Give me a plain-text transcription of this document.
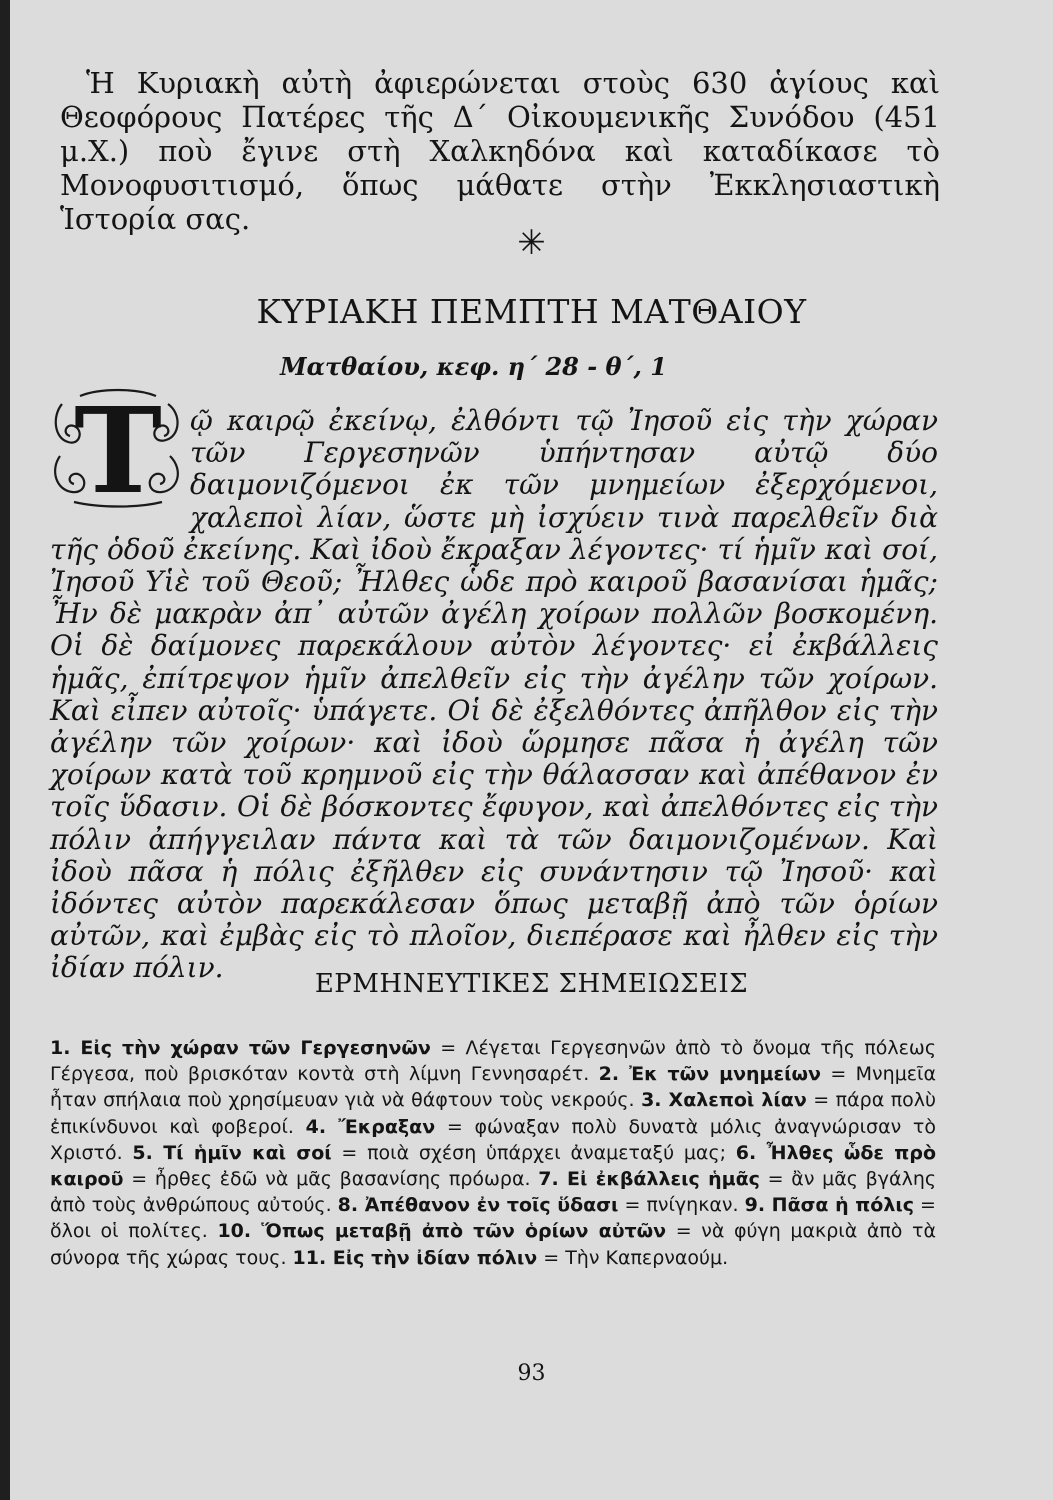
Ἡ Κυριακὴ αὐτὴ ἀφιερώνεται στοὺς 630 ἁγίους καὶ Θεοφόρους Πατέρες τῆς Δ΄ Οἰκουμενικῆς Συνόδου (451 μ.Χ.) ποὺ ἔγινε στὴ Χαλκηδόνα καὶ καταδίκασε τὸ Μονοφυσιτισμό, ὅπως μάθατε στὴν Ἐκκλησιαστικὴ Ἱστορία σας.

✳
ΚΥΡΙΑΚΗ ΠΕΜΠΤΗ ΜΑΤΘΑΙΟΥ
Ματθαίου, κεφ. η΄ 28 - θ΄, 1
Τ	ῷ καιρῷ ἐκείνῳ, ἐλθόντι τῷ Ἰησοῦ εἰς τὴν χώραν τῶν Γεργεσηνῶν ὑπήντησαν αὐτῷ δύο δαιμονιζόμενοι ἐκ τῶν μνημείων ἐξερχόμενοι, χαλεποὶ λίαν, ὥστε μὴ ἰσχύειν τινὰ παρελθεῖν διὰ τῆς ὁδοῦ ἐκείνης. Καὶ ἰδοὺ ἔκραξαν λέγοντες· τί ἡμῖν καὶ σοί, Ἰησοῦ Υἱὲ τοῦ Θεοῦ; Ἦλθες ὧδε πρὸ καιροῦ βασανίσαι ἡμᾶς; Ἦν δὲ μακρὰν ἀπ᾽ αὐτῶν ἀγέλη χοίρων πολλῶν βοσκομένη. Οἱ δὲ δαίμονες παρεκάλουν αὐτὸν λέγοντες· εἰ ἐκβάλλεις ἡμᾶς, ἐπίτρεψον ἡμῖν ἀπελθεῖν εἰς τὴν ἀγέλην τῶν χοίρων. Καὶ εἶπεν αὐτοῖς· ὑπάγετε. Οἱ δὲ ἐξελθόντες ἀπῆλθον εἰς τὴν ἀγέλην τῶν χοίρων· καὶ ἰδοὺ ὥρμησε πᾶσα ἡ ἀγέλη τῶν χοίρων κατὰ τοῦ κρημνοῦ εἰς τὴν θάλασσαν καὶ ἀπέθανον ἐν τοῖς ὕδασιν. Οἱ δὲ βόσκοντες ἔφυγον, καὶ ἀπελθόντες εἰς τὴν πόλιν ἀπήγγειλαν πάντα καὶ τὰ τῶν δαιμονιζομένων. Καὶ ἰδοὺ πᾶσα ἡ πόλις ἐξῆλθεν εἰς συνάντησιν τῷ Ἰησοῦ· καὶ ἰδόντες αὐτὸν παρεκάλεσαν ὅπως μεταβῇ ἀπὸ τῶν ὁρίων αὐτῶν, καὶ ἐμβὰς εἰς τὸ πλοῖον, διεπέρασε καὶ ἦλθεν εἰς τὴν ἰδίαν πόλιν.	ΕΡΜΗΝΕΥΤΙΚΕΣ ΣΗΜΕΙΩΣΕΙΣ

1. Εἰς τὴν χώραν τῶν Γεργεσηνῶν = Λέγεται Γεργεσηνῶν ἀπὸ τὸ ὄνομα τῆς πόλεως Γέργεσα, ποὺ βρισκόταν κοντὰ στὴ λίμνη Γεννησαρέτ. 2. Ἐκ τῶν μνημείων = Μνημεῖα ἦταν σπήλαια ποὺ χρησίμευαν γιὰ νὰ θάφτουν τοὺς νεκρούς. 3. Χαλεποὶ λίαν = πάρα πολὺ ἐπικίνδυνοι καὶ φοβεροί. 4. Ἔκραξαν = φώναξαν πολὺ δυνατὰ μόλις ἀναγνώρισαν τὸ Χριστό. 5. Τί ἡμῖν καὶ σοί = ποιὰ σχέση ὑπάρχει ἀναμεταξύ μας; 6. Ἦλθες ὧδε πρὸ καιροῦ = ἦρθες ἐδῶ νὰ μᾶς βασανίσης πρόωρα. 7. Εἰ ἐκβάλλεις ἡμᾶς = ἂν μᾶς βγάλης ἀπὸ τοὺς ἀνθρώπους αὐτούς. 8. Ἀπέθανον ἐν τοῖς ὕδασι = πνίγηκαν. 9. Πᾶσα ἡ πόλις = ὅλοι οἱ πολίτες. 10. Ὅπως μεταβῇ ἀπὸ τῶν ὁρίων αὐτῶν = νὰ φύγη μακριὰ ἀπὸ τὰ σύνορα τῆς χώρας τους. 11. Εἰς τὴν ἰδίαν πόλιν = Τὴν Καπερναούμ.

93
